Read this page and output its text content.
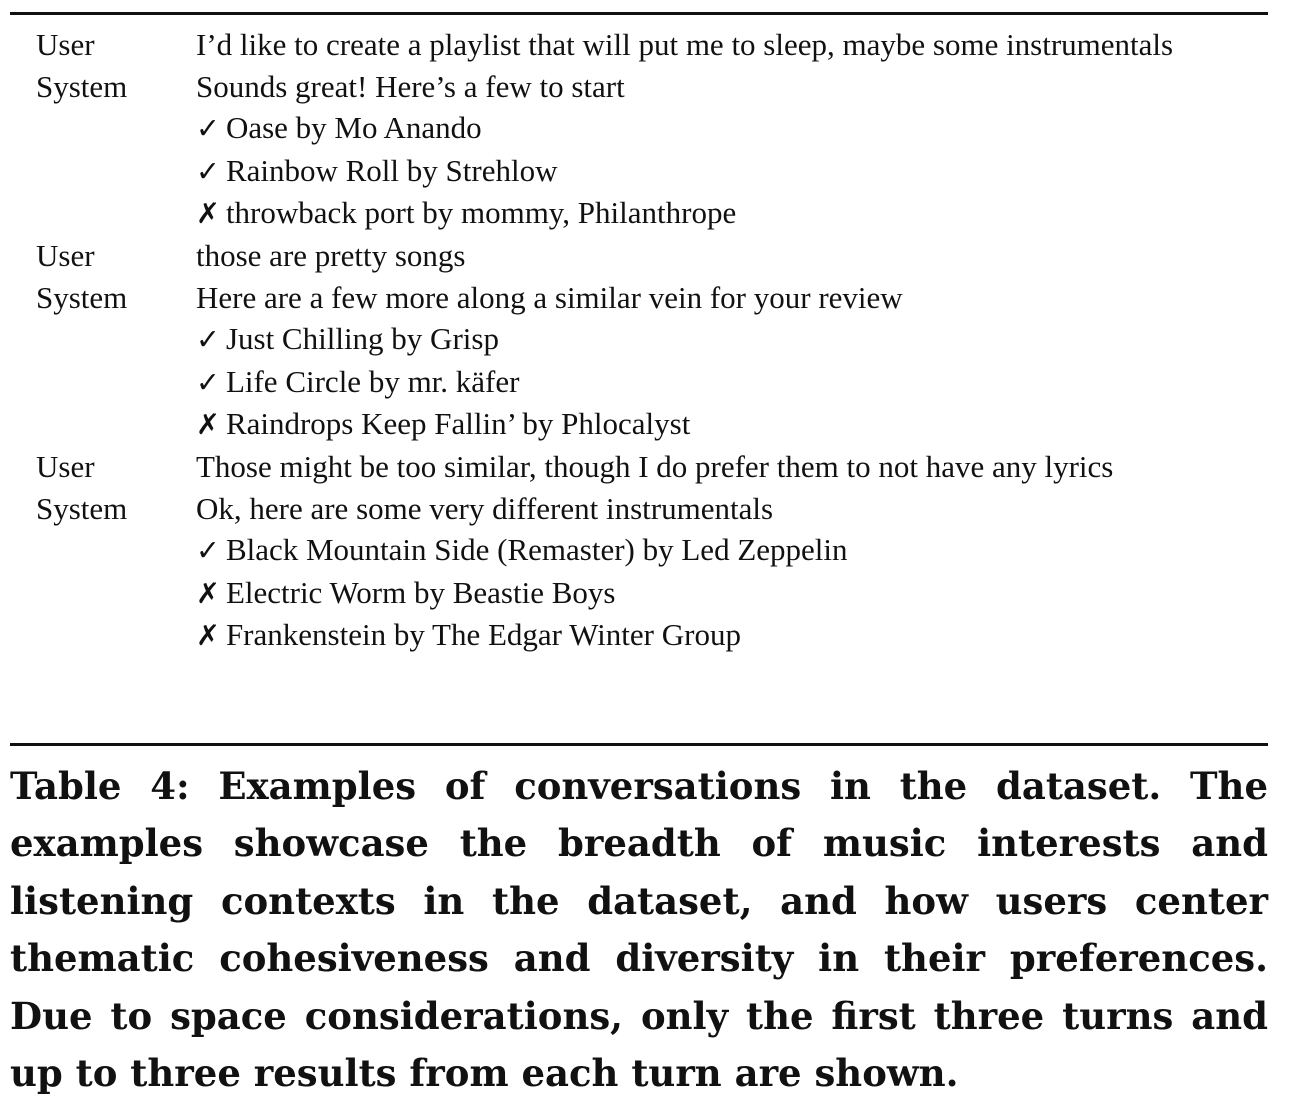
User	I’d like to create a playlist that will put me to sleep, maybe some instrumentals
System	Sounds great! Here’s a few to start
✓ Oase by Mo Anando
✓ Rainbow Roll by Strehlow
✗ throwback port by mommy, Philanthrope
User	those are pretty songs
System	Here are a few more along a similar vein for your review
✓ Just Chilling by Grisp
✓ Life Circle by mr. käfer
✗ Raindrops Keep Fallin’ by Phlocalyst
User	Those might be too similar, though I do prefer them to not have any lyrics
System	Ok, here are some very different instrumentals
✓ Black Mountain Side (Remaster) by Led Zeppelin
✗ Electric Worm by Beastie Boys
✗ Frankenstein by The Edgar Winter Group

Table 4: Examples of conversations in the dataset. The examples showcase the breadth of music interests and listening contexts in the dataset, and how users center thematic cohesiveness and diversity in their preferences. Due to space considerations, only the first three turns and up to three results from each turn are shown.
